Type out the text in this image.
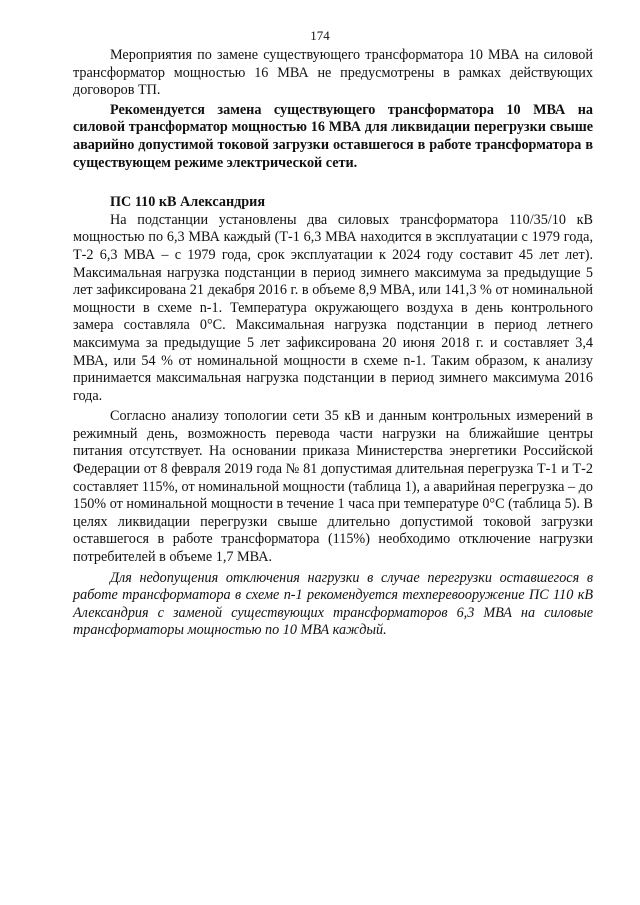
174

Мероприятия по замене существующего трансформатора 10 МВА на силовой трансформатор мощностью 16 МВА не предусмотрены в рамках действующих договоров ТП.

Рекомендуется замена существующего трансформатора 10 МВА на силовой трансформатор мощностью 16 МВА для ликвидации перегрузки свыше аварийно допустимой токовой загрузки оставшегося в работе трансформатора в существующем режиме электрической сети.

ПС 110 кВ Александрия

На подстанции установлены два силовых трансформатора 110/35/10 кВ мощностью по 6,3 МВА каждый (Т-1 6,3 МВА находится в эксплуатации с 1979 года, Т-2 6,3 МВА – с 1979 года, срок эксплуатации к 2024 году составит 45 лет лет). Максимальная нагрузка подстанции в период зимнего максимума за предыдущие 5 лет зафиксирована 21 декабря 2016 г. в объеме 8,9 МВА, или 141,3 % от номинальной мощности в схеме n-1. Температура окружающего воздуха в день контрольного замера составляла 0°С. Максимальная нагрузка подстанции в период летнего максимума за предыдущие 5 лет зафиксирована 20 июня 2018 г. и составляет 3,4 МВА, или 54 % от номинальной мощности в схеме n-1. Таким образом, к анализу принимается максимальная нагрузка подстанции в период зимнего максимума 2016 года.

Согласно анализу топологии сети 35 кВ и данным контрольных измерений в режимный день, возможность перевода части нагрузки на ближайшие центры питания отсутствует. На основании приказа Министерства энергетики Российской Федерации от 8 февраля 2019 года № 81 допустимая длительная перегрузка Т-1 и Т-2 составляет 115%, от номинальной мощности (таблица 1), а аварийная перегрузка – до 150% от номинальной мощности в течение 1 часа при температуре 0°С (таблица 5). В целях ликвидации перегрузки свыше длительно допустимой токовой загрузки оставшегося в работе трансформатора (115%) необходимо отключение нагрузки потребителей в объеме 1,7 МВА.

Для недопущения отключения нагрузки в случае перегрузки оставшегося в работе трансформатора в схеме n-1 рекомендуется техперевооружение ПС 110 кВ Александрия с заменой существующих трансформаторов 6,3 МВА на силовые трансформаторы мощностью по 10 МВА каждый.
